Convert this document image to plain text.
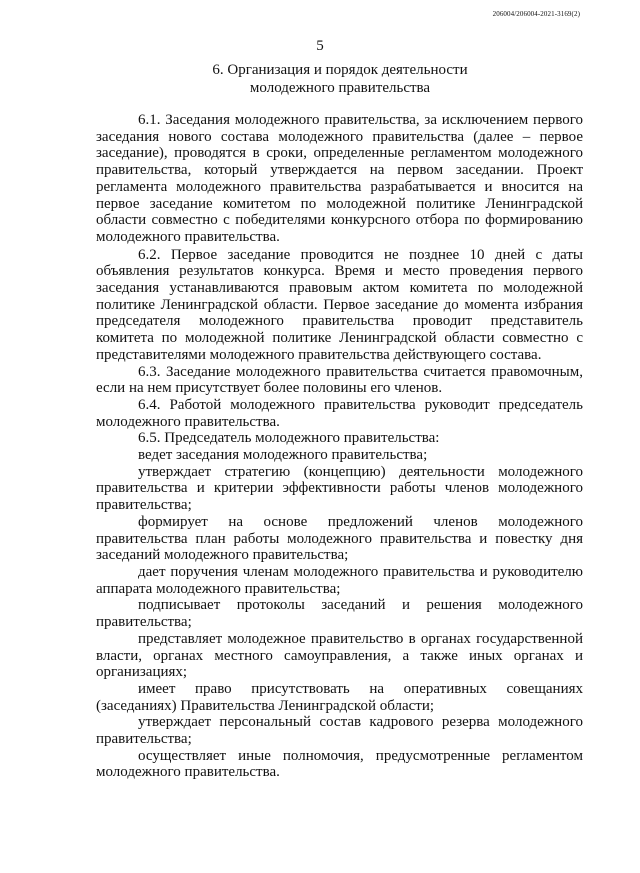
206004/206004-2021-3169(2)
5
6. Организация и порядок деятельности
молодежного правительства

6.1. Заседания молодежного правительства, за исключением первого заседания нового состава молодежного правительства (далее – первое заседание), проводятся в сроки, определенные регламентом молодежного правительства, который утверждается на первом заседании. Проект регламента молодежного правительства разрабатывается и вносится на первое заседание комитетом по молодежной политике Ленинградской области совместно с победителями конкурсного отбора по формированию молодежного правительства.

6.2. Первое заседание проводится не позднее 10 дней с даты объявления результатов конкурса. Время и место проведения первого заседания устанавливаются правовым актом комитета по молодежной политике Ленинградской области. Первое заседание до момента избрания председателя молодежного правительства проводит представитель комитета по молодежной политике Ленинградской области совместно с представителями молодежного правительства действующего состава.

6.3. Заседание молодежного правительства считается правомочным, если на нем присутствует более половины его членов.

6.4. Работой молодежного правительства руководит председатель молодежного правительства.

6.5. Председатель молодежного правительства:

ведет заседания молодежного правительства;

утверждает стратегию (концепцию) деятельности молодежного правительства и критерии эффективности работы членов молодежного правительства;

формирует на основе предложений членов молодежного правительства план работы молодежного правительства и повестку дня заседаний молодежного правительства;

дает поручения членам молодежного правительства и руководителю аппарата молодежного правительства;

подписывает протоколы заседаний и решения молодежного правительства;

представляет молодежное правительство в органах государственной власти, органах местного самоуправления, а также иных органах и организациях;

имеет право присутствовать на оперативных совещаниях (заседаниях) Правительства Ленинградской области;

утверждает персональный состав кадрового резерва молодежного правительства;

осуществляет иные полномочия, предусмотренные регламентом молодежного правительства.
